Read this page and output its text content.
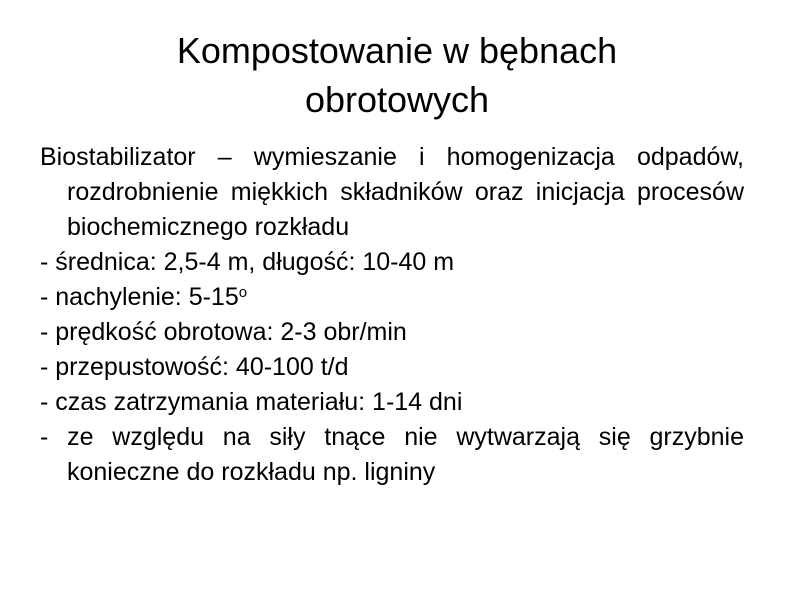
Kompostowanie w bębnach
obrotowych

Biostabilizator – wymieszanie i homogenizacja odpadów, rozdrobnienie miękkich składników oraz inicjacja procesów biochemicznego rozkładu

- średnica: 2,5-4 m, długość: 10-40 m

- nachylenie: 5-15$^o$

- prędkość obrotowa: 2-3 obr/min

- przepustowość: 40-100 t/d

- czas zatrzymania materiału: 1-14 dni

- ze względu na siły tnące nie wytwarzają się grzybnie konieczne do rozkładu np. ligniny
